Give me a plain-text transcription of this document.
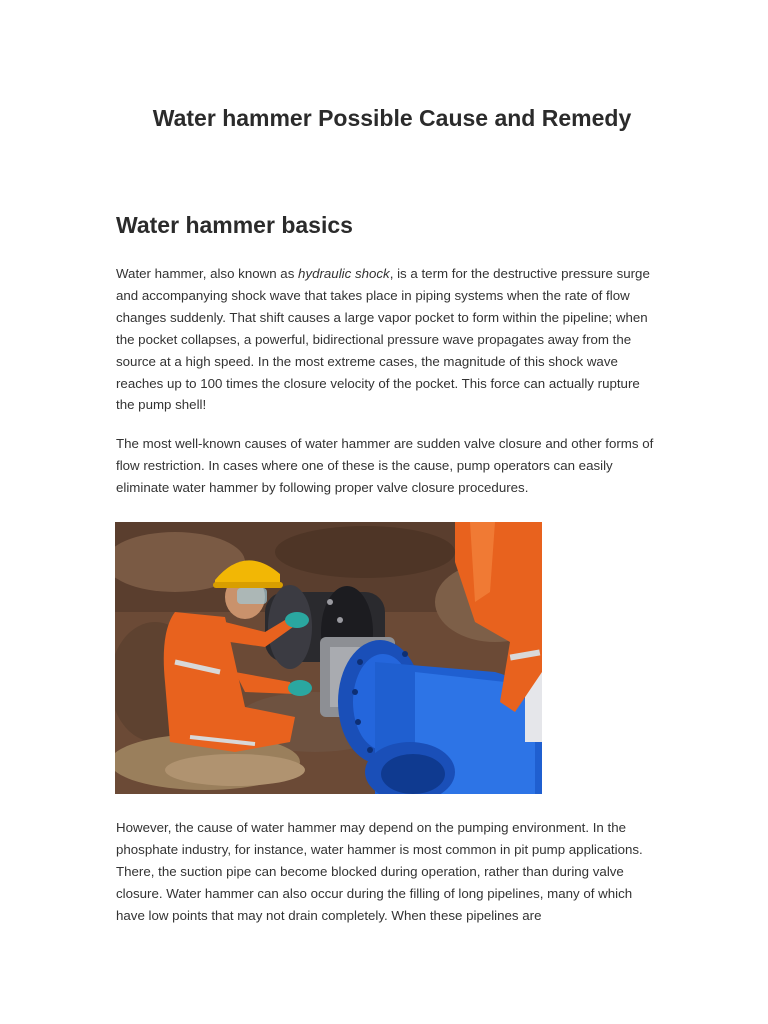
Water hammer Possible Cause and Remedy
Water hammer basics

Water hammer, also known as hydraulic shock, is a term for the destructive pressure surge and accompanying shock wave that takes place in piping systems when the rate of flow changes suddenly. That shift causes a large vapor pocket to form within the pipeline; when the pocket collapses, a powerful, bidirectional pressure wave propagates away from the source at a high speed. In the most extreme cases, the magnitude of this shock wave reaches up to 100 times the closure velocity of the pocket. This force can actually rupture the pump shell!

The most well-known causes of water hammer are sudden valve closure and other forms of flow restriction. In cases where one of these is the cause, pump operators can easily eliminate water hammer by following proper valve closure procedures.

However, the cause of water hammer may depend on the pumping environment. In the phosphate industry, for instance, water hammer is most common in pit pump applications. There, the suction pipe can become blocked during operation, rather than during valve closure. Water hammer can also occur during the filling of long pipelines, many of which have low points that may not drain completely. When these pipelines are
